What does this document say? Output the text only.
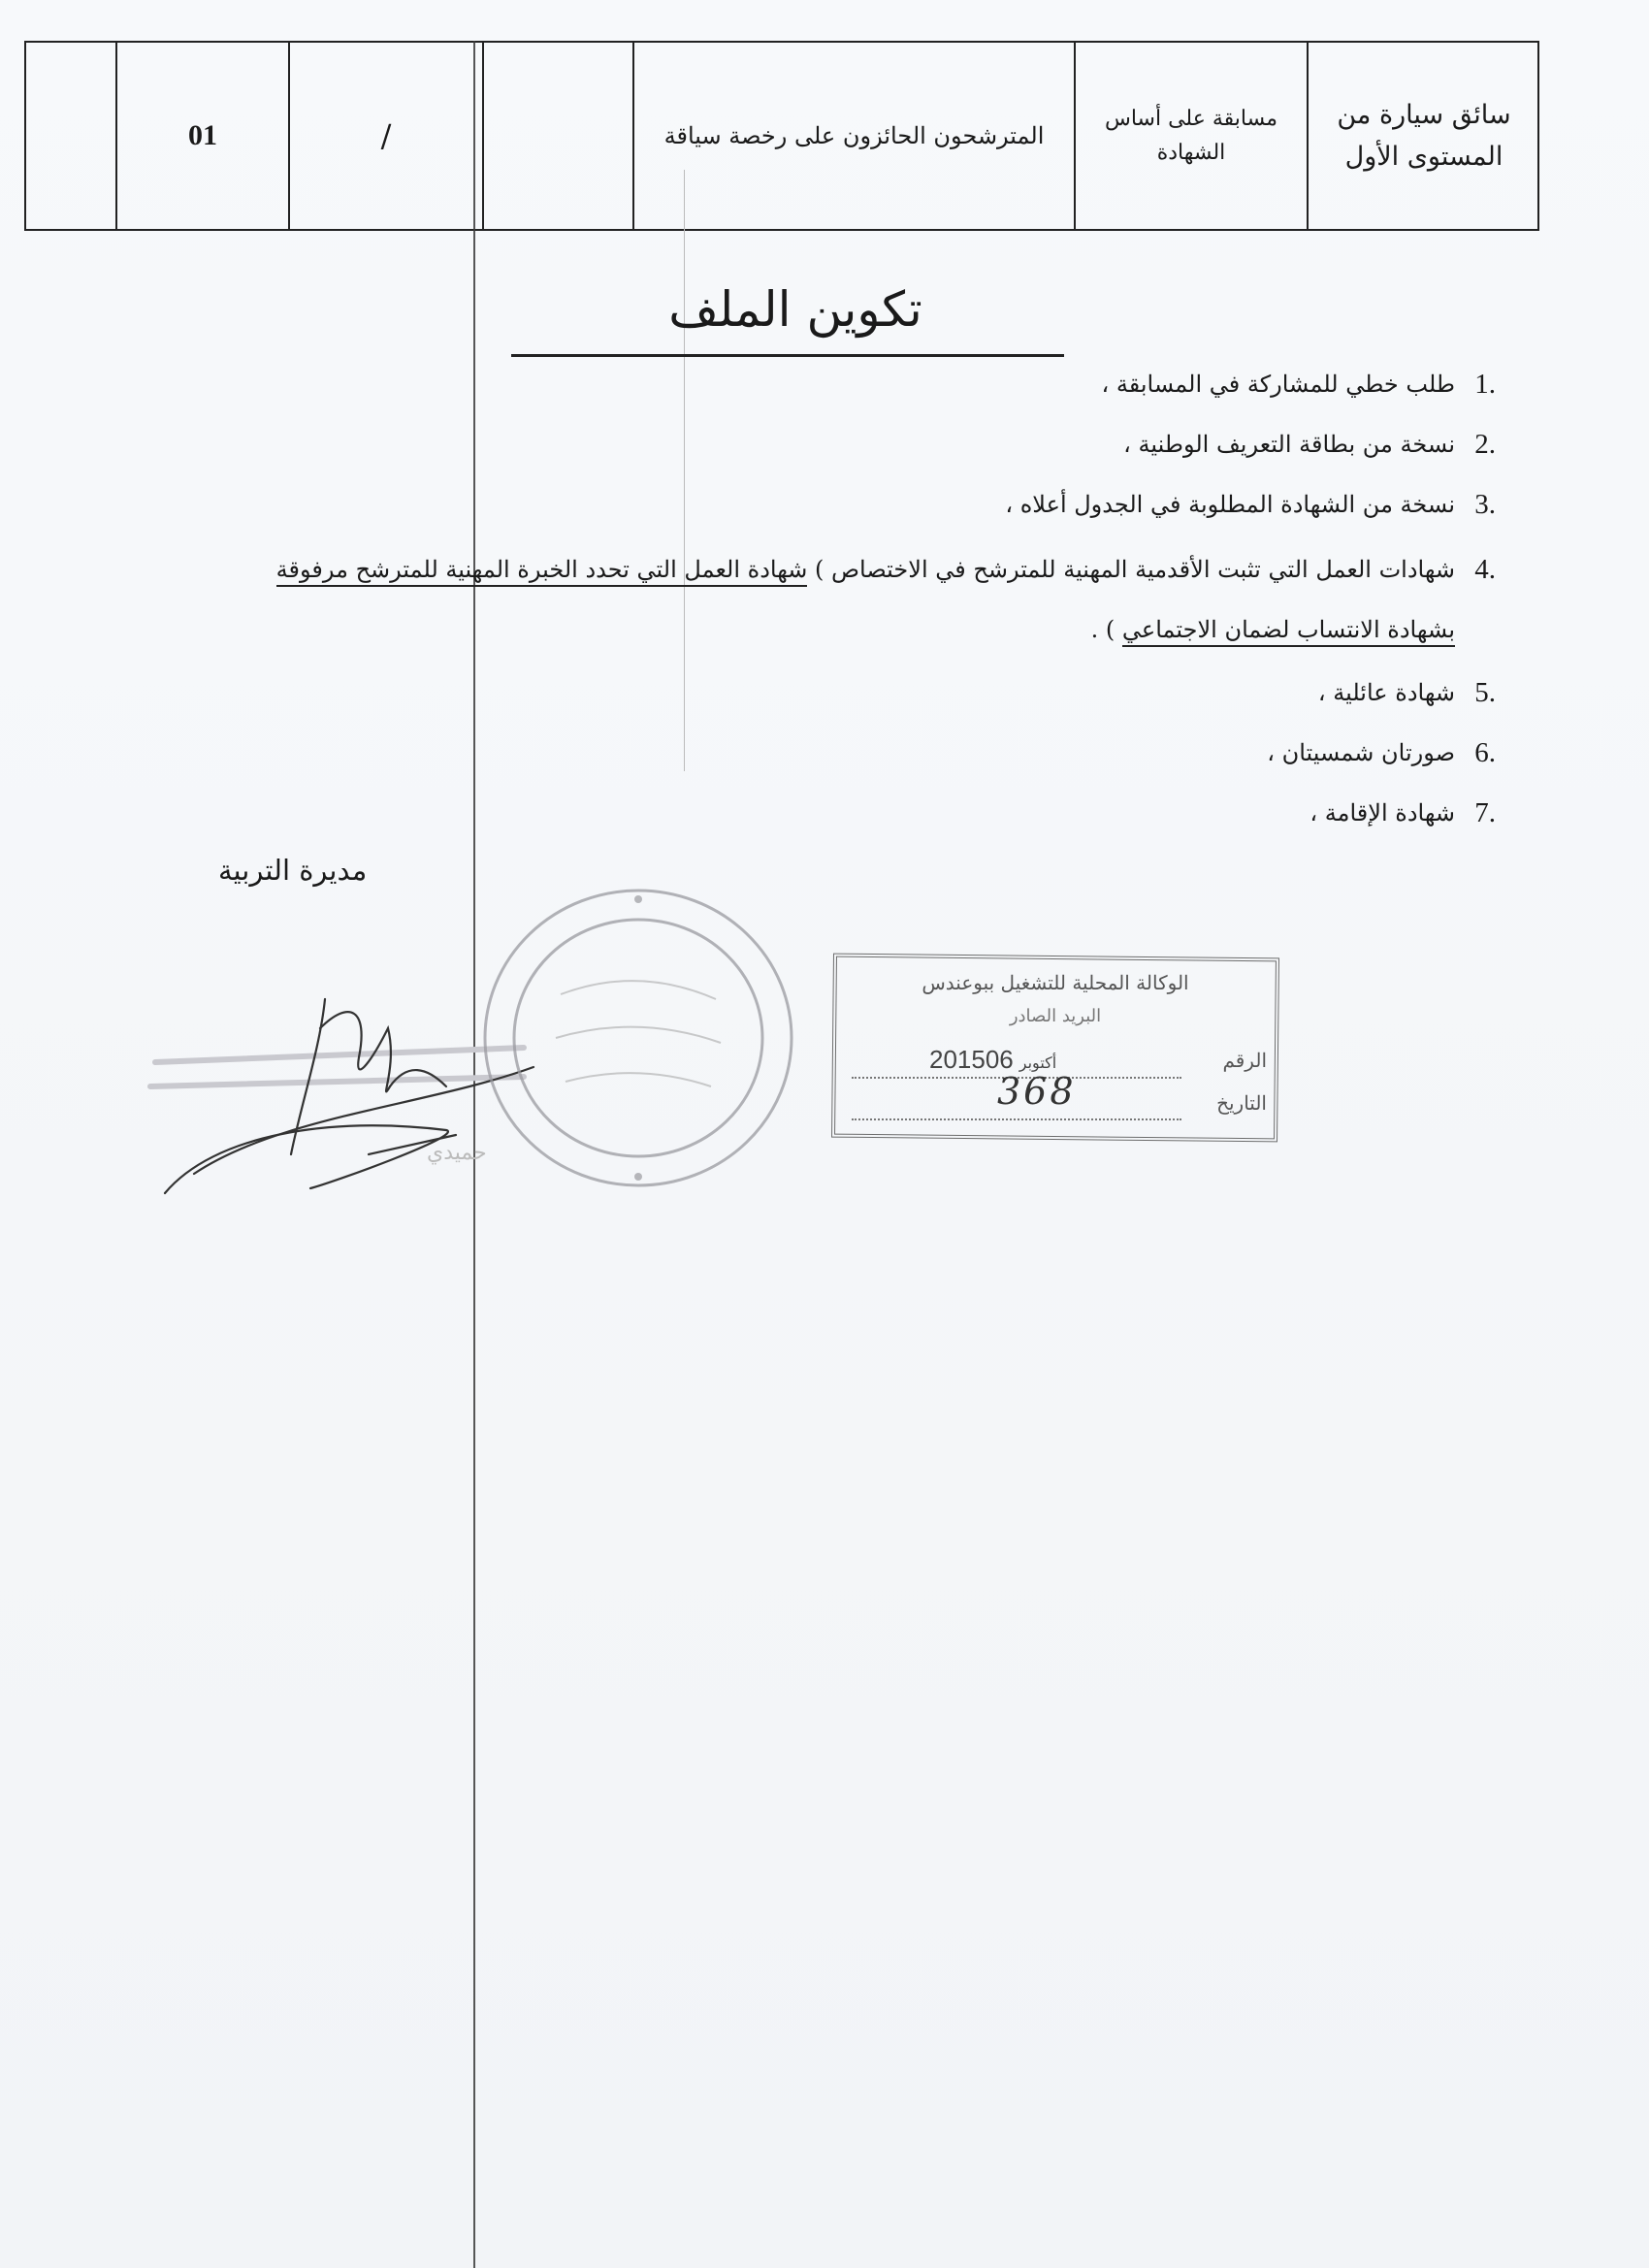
01	/	المترشحون الحائزون على رخصة سياقة
مسابقة على أساس
الشهادة
سائق سيارة من
المستوى الأول
تكوين الملف
1.
طلب خطي للمشاركة في المسابقة ،
2.
نسخة من بطاقة التعريف الوطنية ،
3.
نسخة من الشهادة المطلوبة في الجدول أعلاه ،
4.
شهادات العمل التي تثبت الأقدمية المهنية للمترشح في الاختصاص ) شهادة العمل التي تحدد الخبرة المهنية للمترشح مرفوقة
بشهادة الانتساب لضمان الاجتماعي ) .
5.
شهادة عائلية ،
6.
صورتان شمسيتان ،
7.
شهادة الإقامة ،
مديرة التربية
حميدي
الوكالة المحلية للتشغيل ببوعندس
البريد الصادر
الرقم
2015 أكتوبر06
التاريخ
368
